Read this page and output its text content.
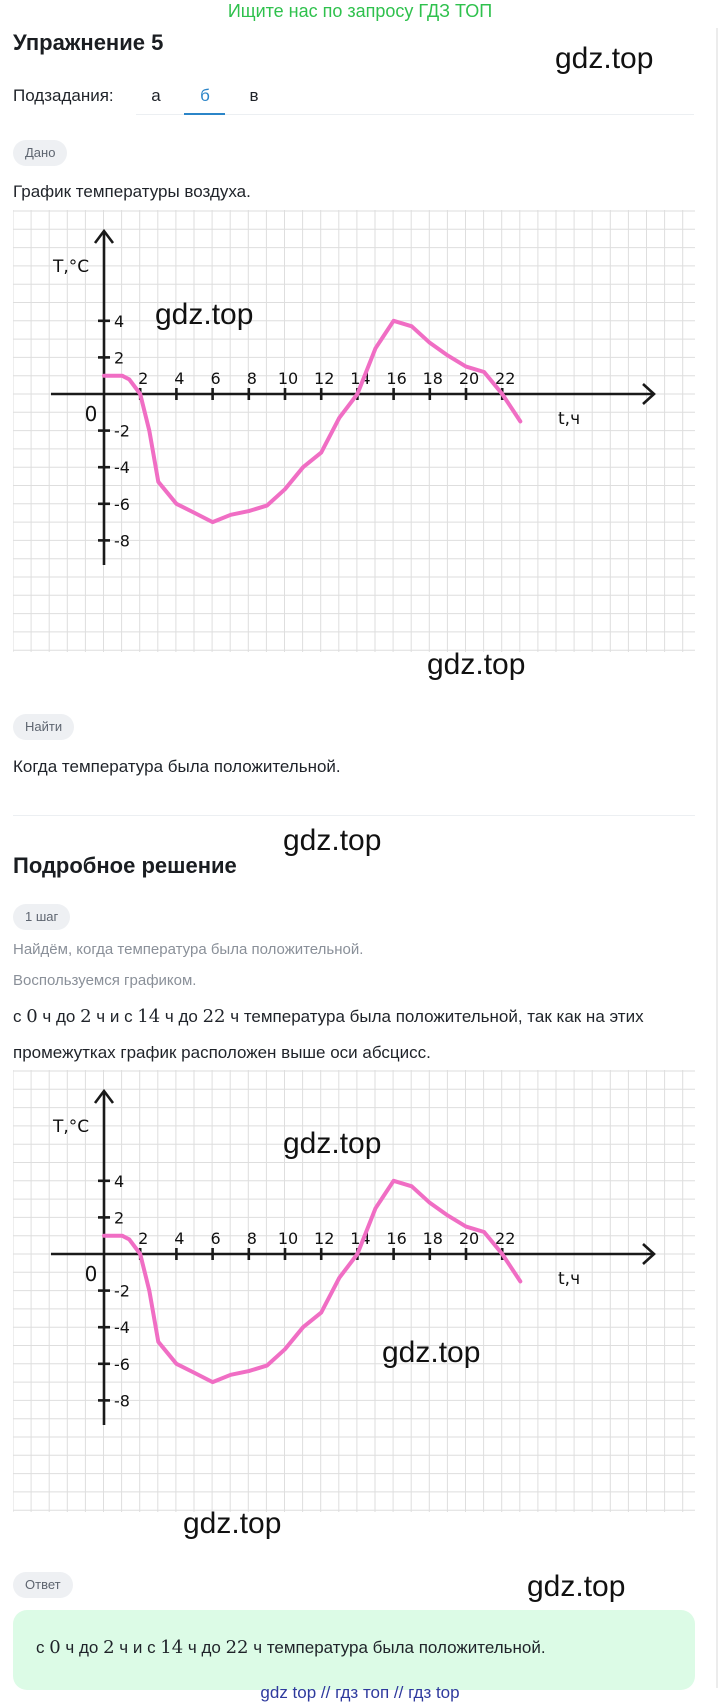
Ищите нас по запросу ГДЗ ТОП
Упражнение 5	gdz.top
Подзадания:	а	б	в
Дано
График температуры воздуха.
2 4 6 8 10 12 14 16 18 20 22
4
2
-2
-4
-6
-8
0
T,°C
t,ч
gdz.top
gdz.top
Найти
Когда температура была положительной.
gdz.top
Подробное решение
1 шаг
Найдём, когда температура была положительной.
Воспользуемся графиком.
с 0 ч до 2 ч и с 14 ч до 22 ч температура была положительной, так как на этих
промежутках график расположен выше оси абсцисс.
2 4 6 8 10 12 14 16 18 20 22
4
2
-2
-4
-6
-8
0
T,°C
t,ч
gdz.top
gdz.top
gdz.top
Ответ	gdz.top
с 0 ч до 2 ч и с 14 ч до 22 ч температура была положительной.
gdz top // гдз топ // гдз top
